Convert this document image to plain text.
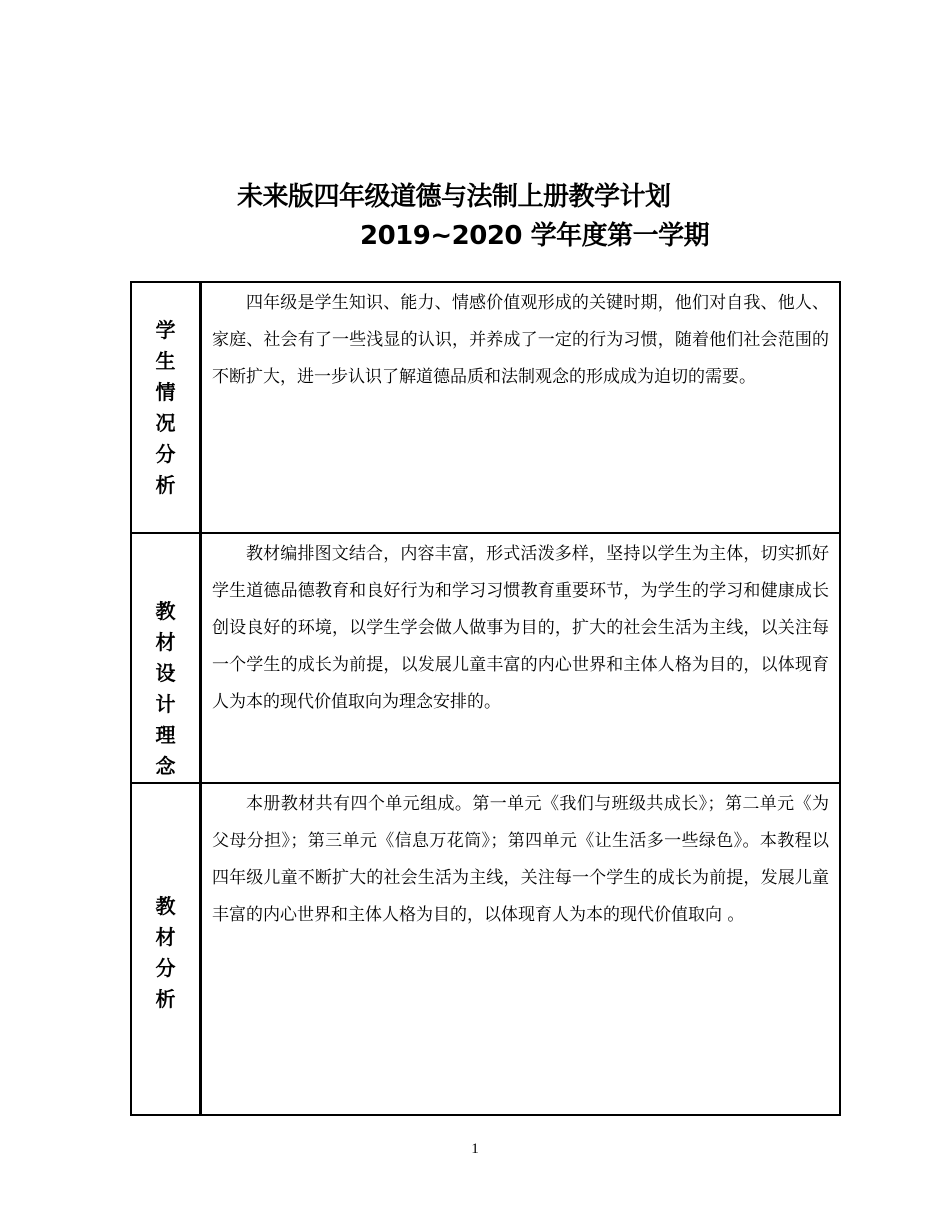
未来版四年级道德与法制上册教学计划
2019~2020 学年度第一学期
学
生
情
况
分
析

四年级是学生知识、能力、情感价值观形成的关键时期，他们对自我、他人、家庭、社会有了一些浅显的认识，并养成了一定的行为习惯，随着他们社会范围的不断扩大，进一步认识了解道德品质和法制观念的形成成为迫切的需要。

教
材
设
计
理
念

教材编排图文结合，内容丰富，形式活泼多样，坚持以学生为主体，切实抓好学生道德品德教育和良好行为和学习习惯教育重要环节，为学生的学习和健康成长创设良好的环境，以学生学会做人做事为目的，扩大的社会生活为主线，以关注每一个学生的成长为前提，以发展儿童丰富的内心世界和主体人格为目的，以体现育人为本的现代价值取向为理念安排的。

教
材
分
析

本册教材共有四个单元组成。第一单元《我们与班级共成长》；第二单元《为父母分担》；第三单元《信息万花筒》；第四单元《让生活多一些绿色》。本教程以四年级儿童不断扩大的社会生活为主线，关注每一个学生的成长为前提，发展儿童丰富的内心世界和主体人格为目的，以体现育人为本的现代价值取向 。

1
